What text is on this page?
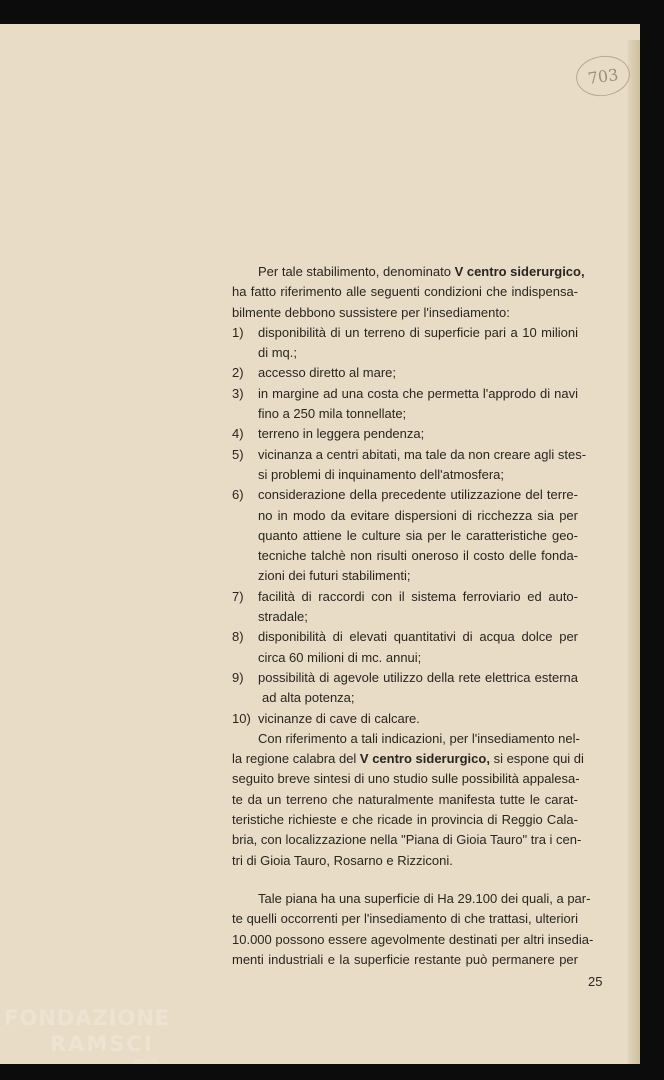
703
Per tale stabilimento, denominato V centro siderurgico,
ha fatto riferimento alle seguenti condizioni che indispensa-
bilmente debbono sussistere per l'insediamento:
1)	disponibilità di un terreno di superficie pari a 10 milioni
di mq.;
2)	accesso diretto al mare;
3)	in margine ad una costa che permetta l'approdo di navi
fino a 250 mila tonnellate;
4)	terreno in leggera pendenza;
5)	vicinanza a centri abitati, ma tale da non creare agli stes-
si problemi di inquinamento dell'atmosfera;
6)	considerazione della precedente utilizzazione del terre-
no in modo da evitare dispersioni di ricchezza sia per
quanto attiene le culture sia per le caratteristiche geo-
tecniche talchè non risulti oneroso il costo delle fonda-
zioni dei futuri stabilimenti;
7)	facilità di raccordi con il sistema ferroviario ed auto-
stradale;
8)	disponibilità di elevati quantitativi di acqua dolce per
circa 60 milioni di mc. annui;
9)	possibilità di agevole utilizzo della rete elettrica esterna
ad alta potenza;
10) vicinanze di cave di calcare.
Con riferimento a tali indicazioni, per l'insediamento nel-
la regione calabra del V centro siderurgico, si espone qui di
seguito breve sintesi di uno studio sulle possibilità appalesa-
te da un terreno che naturalmente manifesta tutte le carat-
teristiche richieste e che ricade in provincia di Reggio Cala-
bria, con localizzazione nella "Piana di Gioia Tauro" tra i cen-
tri di Gioia Tauro, Rosarno e Rizziconi.
Tale piana ha una superficie di Ha 29.100 dei quali, a par-
te quelli occorrenti per l'insediamento di che trattasi, ulteriori
10.000 possono essere agevolmente destinati per altri insedia-
menti industriali e la superficie restante può permanere per
25
FONDAZIONE
RAMSCI
ONLUS
